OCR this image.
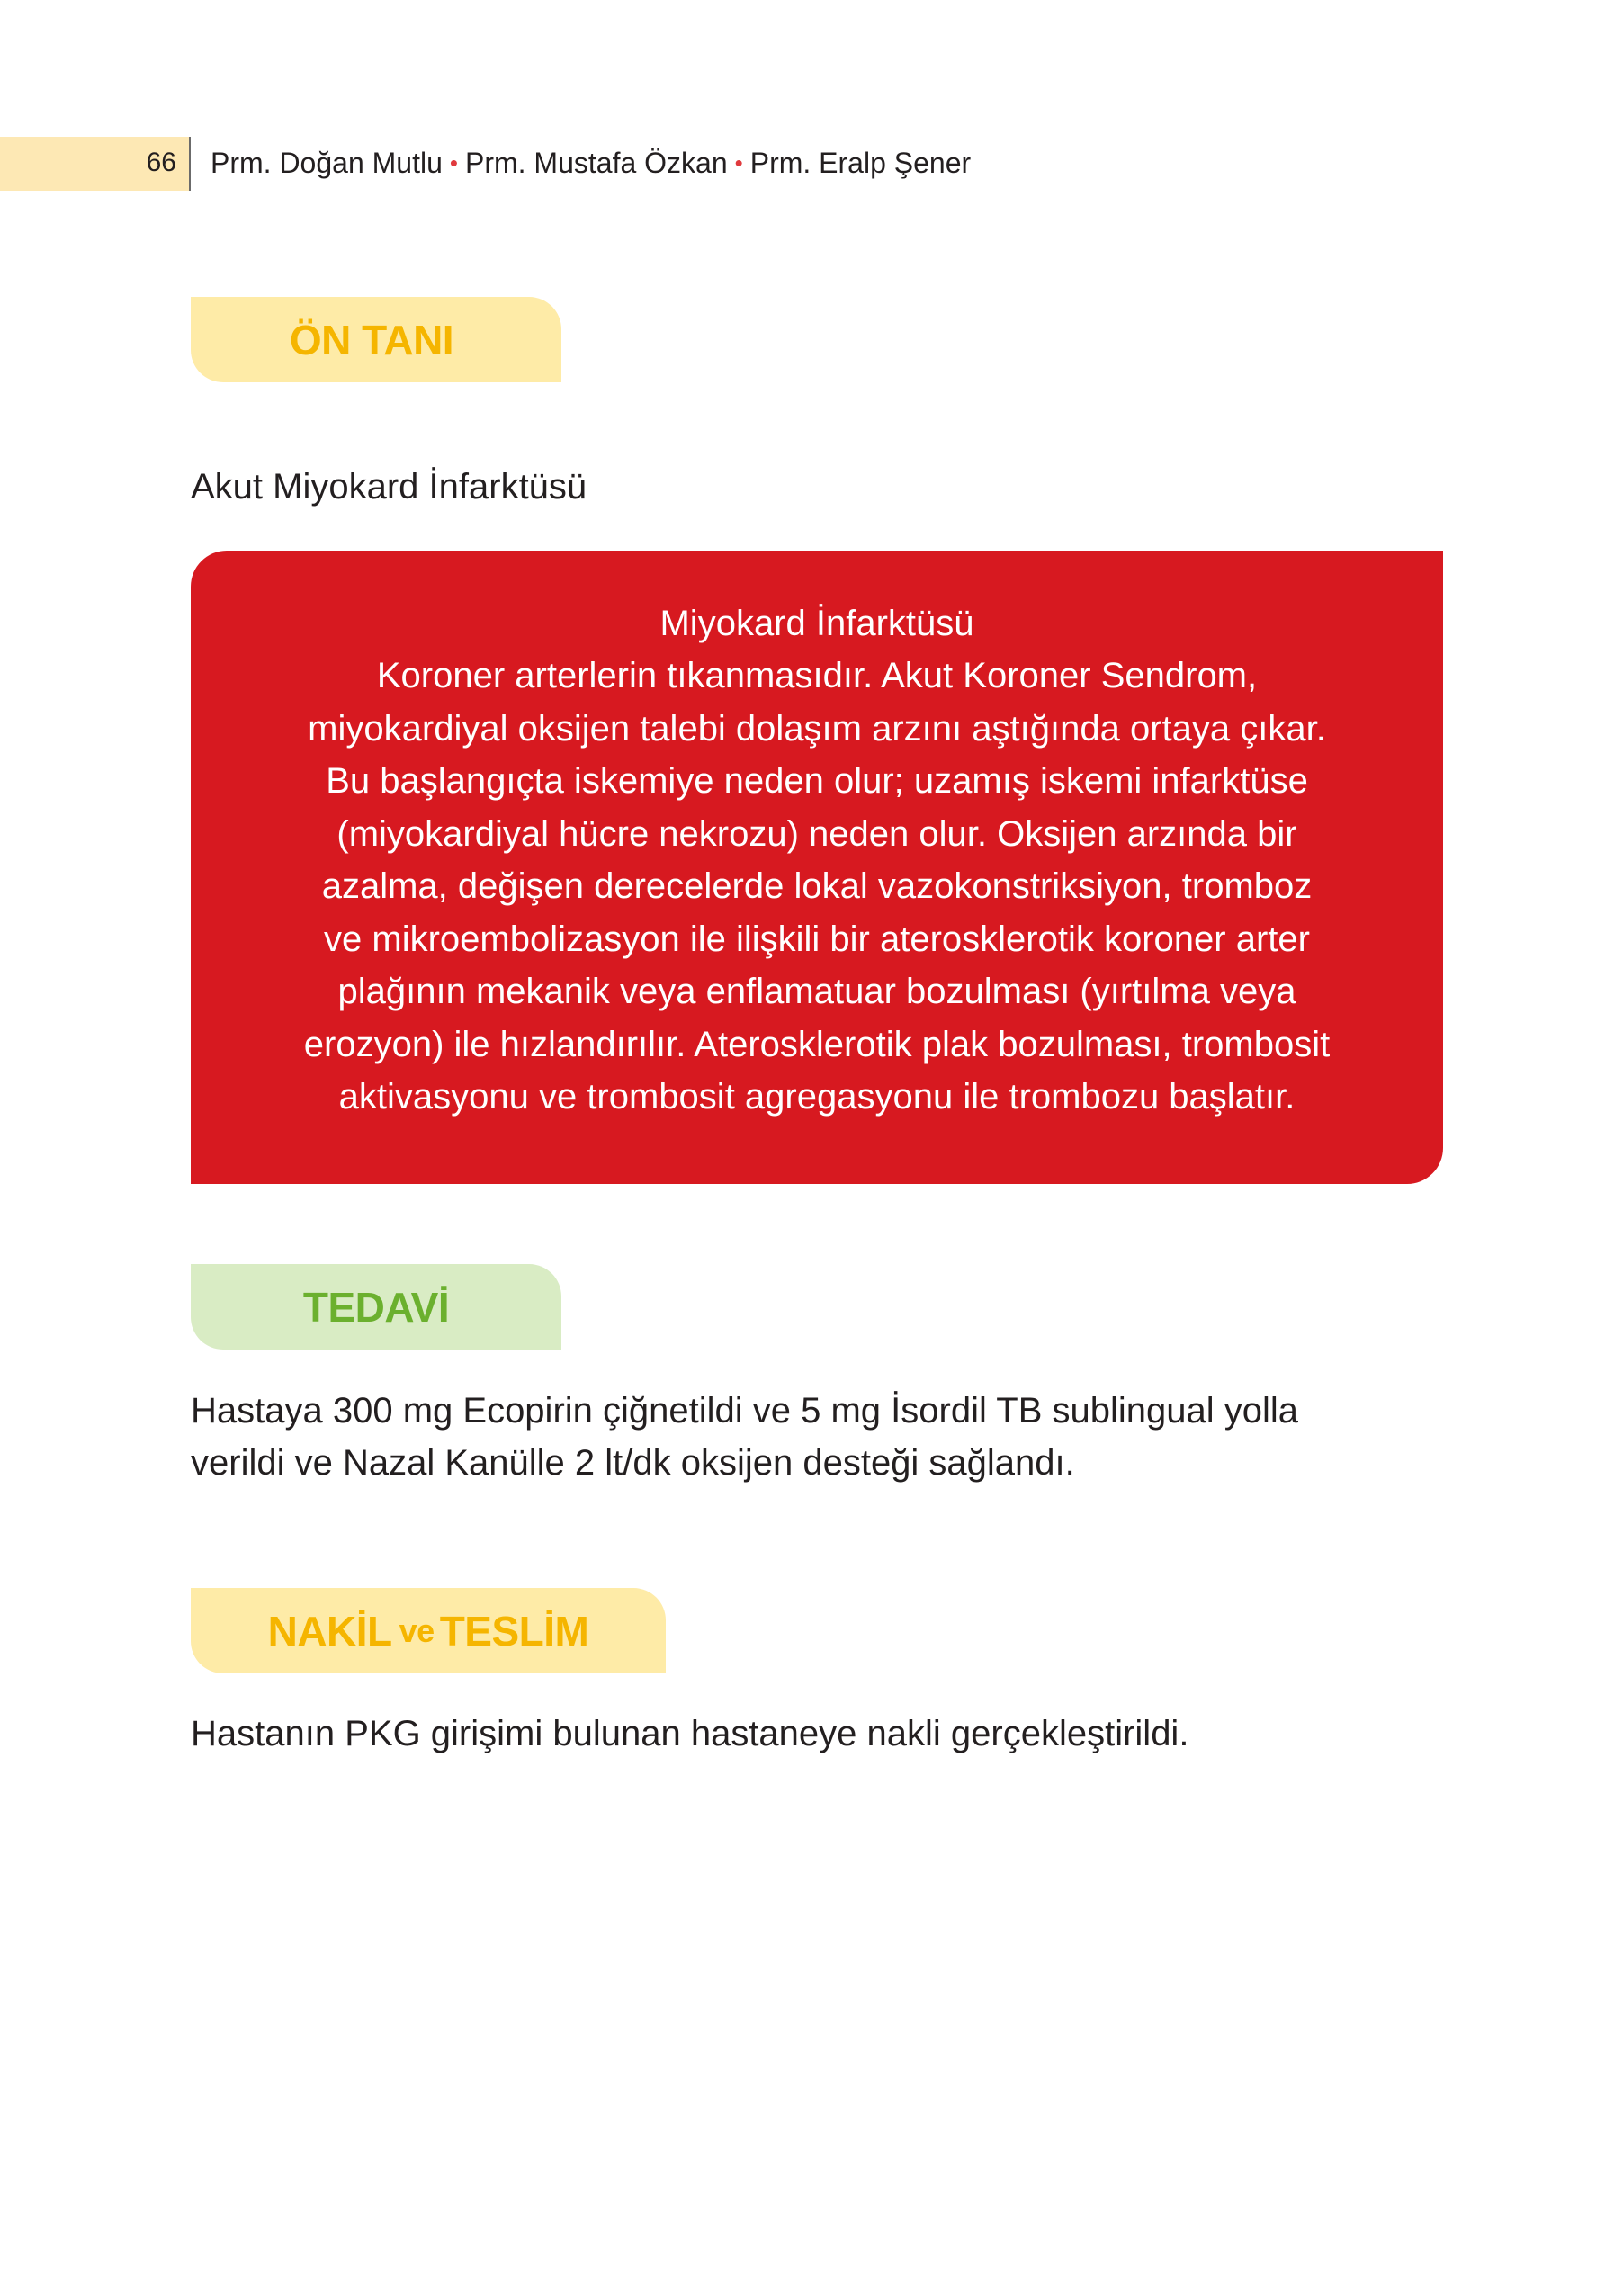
66 Prm. Doğan Mutlu • Prm. Mustafa Özkan • Prm. Eralp Şener
ÖN TANI
Akut Miyokard İnfarktüsü
Miyokard İnfarktüsü
Koroner arterlerin tıkanmasıdır. Akut Koroner Sendrom,
miyokardiyal oksijen talebi dolaşım arzını aştığında ortaya çıkar.
Bu başlangıçta iskemiye neden olur; uzamış iskemi infarktüse
(miyokardiyal hücre nekrozu) neden olur. Oksijen arzında bir
azalma, değişen derecelerde lokal vazokonstriksiyon, tromboz
ve mikroembolizasyon ile ilişkili bir aterosklerotik koroner arter
plağının mekanik veya enflamatuar bozulması (yırtılma veya
erozyon) ile hızlandırılır. Aterosklerotik plak bozulması, trombosit
aktivasyonu ve trombosit agregasyonu ile trombozu başlatır.
TEDAVİ
Hastaya 300 mg Ecopirin çiğnetildi ve 5 mg İsordil TB sublingual yolla
verildi ve Nazal Kanülle 2 lt/dk oksijen desteği sağlandı.
NAKİL ve TESLİM
Hastanın PKG girişimi bulunan hastaneye nakli gerçekleştirildi.
